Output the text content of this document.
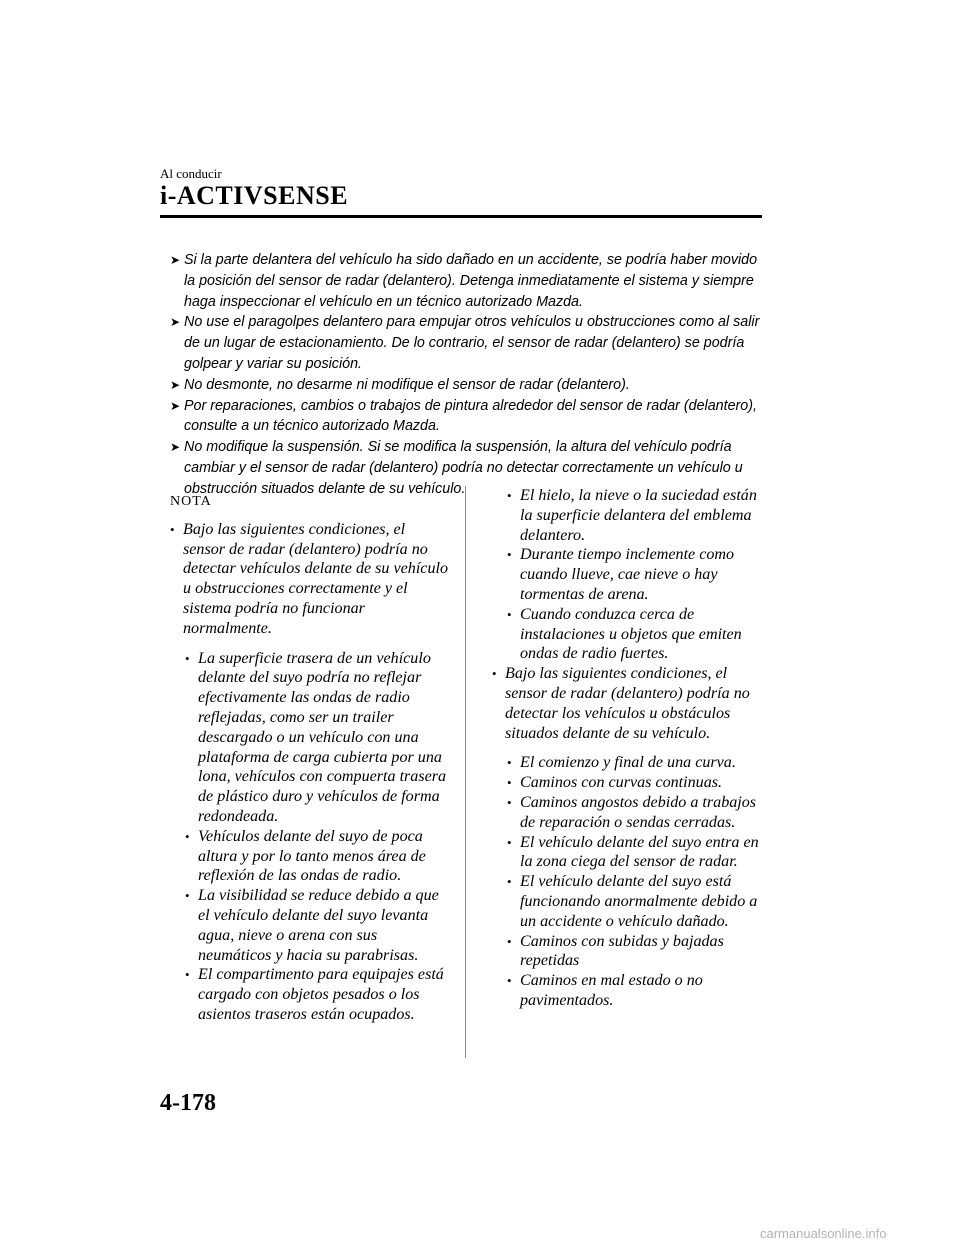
Al conducir
i-ACTIVSENSE
➤ Si la parte delantera del vehículo ha sido dañado en un accidente, se podría haber movido la posición del sensor de radar (delantero). Detenga inmediatamente el sistema y siempre haga inspeccionar el vehículo en un técnico autorizado Mazda.
➤ No use el paragolpes delantero para empujar otros vehículos u obstrucciones como al salir de un lugar de estacionamiento. De lo contrario, el sensor de radar (delantero) se podría golpear y variar su posición.
➤ No desmonte, no desarme ni modifique el sensor de radar (delantero).
➤ Por reparaciones, cambios o trabajos de pintura alrededor del sensor de radar (delantero), consulte a un técnico autorizado Mazda.
➤ No modifique la suspensión. Si se modifica la suspensión, la altura del vehículo podría cambiar y el sensor de radar (delantero) podría no detectar correctamente un vehículo u obstrucción situados delante de su vehículo.
NOTA

• Bajo las siguientes condiciones, el sensor de radar (delantero) podría no detectar vehículos delante de su vehículo u obstrucciones correctamente y el sistema podría no funcionar normalmente.

• La superficie trasera de un vehículo delante del suyo podría no reflejar efectivamente las ondas de radio reflejadas, como ser un trailer descargado o un vehículo con una plataforma de carga cubierta por una lona, vehículos con compuerta trasera de plástico duro y vehículos de forma redondeada.

• Vehículos delante del suyo de poca altura y por lo tanto menos área de reflexión de las ondas de radio.

• La visibilidad se reduce debido a que el vehículo delante del suyo levanta agua, nieve o arena con sus neumáticos y hacia su parabrisas.

• El compartimento para equipajes está cargado con objetos pesados o los asientos traseros están ocupados.

• El hielo, la nieve o la suciedad están la superficie delantera del emblema delantero.

• Durante tiempo inclemente como cuando llueve, cae nieve o hay tormentas de arena.

• Cuando conduzca cerca de instalaciones u objetos que emiten ondas de radio fuertes.

• Bajo las siguientes condiciones, el sensor de radar (delantero) podría no detectar los vehículos u obstáculos situados delante de su vehículo.

• El comienzo y final de una curva.

• Caminos con curvas continuas.

• Caminos angostos debido a trabajos de reparación o sendas cerradas.

• El vehículo delante del suyo entra en la zona ciega del sensor de radar.

• El vehículo delante del suyo está funcionando anormalmente debido a un accidente o vehículo dañado.

• Caminos con subidas y bajadas repetidas

• Caminos en mal estado o no pavimentados.

4-178
carmanualsonline.info
